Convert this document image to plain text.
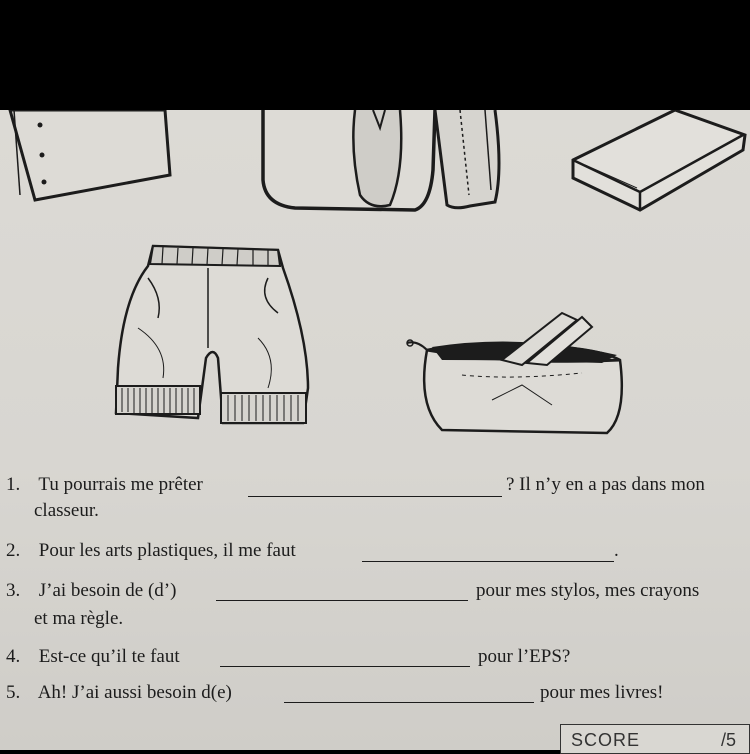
1. Tu pourrais me prêter	? Il n’y en a pas dans mon
classeur.
2. Pour les arts plastiques, il me faut	.
3. J’ai besoin de (d’)	pour mes stylos, mes crayons
et ma règle.
4. Est-ce qu’il te faut	pour l’EPS?
5. Ah! J’ai aussi besoin d(e)	pour mes livres!
SCORE	/5
